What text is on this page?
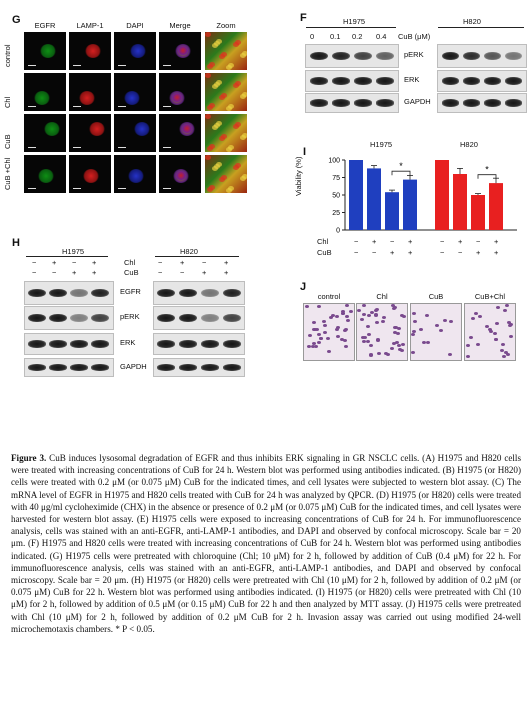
G	EGFR	LAMP-1	DAPI	Merge	Zoom
control
Chl
CuB
CuB +Chl
F	H1975	H820
CuB (μM)
0 0.1 0.2 0.4
pERK
ERK
GAPDH
I
H1975	H820
Viability (%)
0
25
50
75
100
*	*
Chl
CuB
− + − +
− − + +
− + − +
− − + +
H
H1975	H820
Chl
CuB
− + − +
− − + +
− + − +
− − + +
EGFR
pERK
ERK
GAPDH
J
control	Chl	CuB	CuB+Chl
Figure 3. CuB induces lysosomal degradation of EGFR and thus inhibits ERK signaling in GR NSCLC cells. (A) H1975 and H820 cells were treated with increasing concentrations of CuB for 24 h. Western blot was performed using antibodies indicated. (B) H1975 (or H820) cells were treated with 0.2 μM (or 0.075 μM) CuB for the indicated times, and cell lysates were subjected to western blot assay. (C) The mRNA level of EGFR in H1975 and H820 cells treated with CuB for 24 h was analyzed by QPCR. (D) H1975 (or H820) cells were treated with 40 μg/ml cycloheximide (CHX) in the absence or presence of 0.2 μM (or 0.075 μM) CuB for the indicated times, and cell lysates were harvested for western blot assay. (E) H1975 cells were exposed to increasing concentrations of CuB for 24 h. For immunofluorescence analysis, cells was stained with an anti-EGFR, anti-LAMP-1 antibodies, and DAPI and observed by confocal microscopy. Scale bar = 20 μm. (F) H1975 and H820 cells were treated with increasing concentrations of CuB for 24 h. Western blot was performed using antibodies indicated. (G) H1975 cells were pretreated with chloroquine (Chl; 10 μM) for 2 h, followed by addition of CuB (0.4 μM) for 22 h. For immunofluorescence analysis, cells was stained with an anti-EGFR, anti-LAMP-1 antibodies, and DAPI and observed by confocal microscopy. Scale bar = 20 μm. (H) H1975 (or H820) cells were pretreated with Chl (10 μM) for 2 h, followed by addition of 0.2 μM (or 0.075 μM) CuB for 22 h. Western blot was performed using antibodies indicated. (I) H1975 (or H820) cells were pretreated with Chl (10 μM) for 2 h, followed by addition of 0.5 μM (or 0.15 μM) CuB for 22 h and then analyzed by MTT assay. (J) H1975 cells were pretreated with Chl (10 μM) for 2 h, followed by addition of 0.2 μM CuB for 2 h. Invasion assay was carried out using modified 24-well microchemotaxis chambers. * P < 0.05.
